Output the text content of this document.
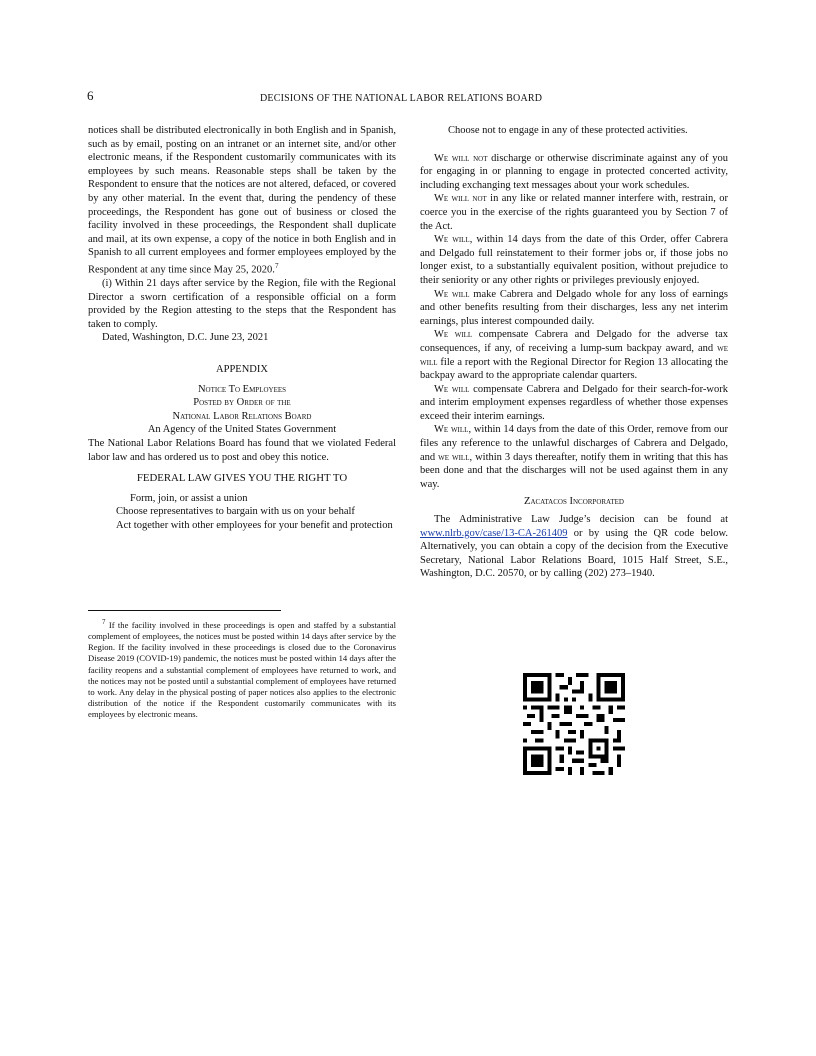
6	DECISIONS OF THE NATIONAL LABOR RELATIONS BOARD

notices shall be distributed electronically in both English and in Spanish, such as by email, posting on an intranet or an internet site, and/or other electronic means, if the Respondent customarily communicates with its employees by such means. Reasonable steps shall be taken by the Respondent to ensure that the notices are not altered, defaced, or covered by any other material. In the event that, during the pendency of these proceedings, the Respondent has gone out of business or closed the facility involved in these proceedings, the Respondent shall duplicate and mail, at its own expense, a copy of the notice in both English and in Spanish to all current employees and former employees employed by the Respondent at any time since May 25, 2020.$^7$

(i) Within 21 days after service by the Region, file with the Regional Director a sworn certification of a responsible official on a form provided by the Region attesting to the steps that the Respondent has taken to comply.

Dated, Washington, D.C. June 23, 2021

APPENDIX

Notice To Employees

Posted by Order of the

National Labor Relations Board

An Agency of the United States Government

The National Labor Relations Board has found that we violated Federal labor law and has ordered us to post and obey this notice.

FEDERAL LAW GIVES YOU THE RIGHT TO

Form, join, or assist a union

Choose representatives to bargain with us on your behalf

Act together with other employees for your benefit and protection

$^7$ If the facility involved in these proceedings is open and staffed by a substantial complement of employees, the notices must be posted within 14 days after service by the Region. If the facility involved in these proceedings is closed due to the Coronavirus Disease 2019 (COVID-19) pandemic, the notices must be posted within 14 days after the facility reopens and a substantial complement of employees have returned to work, and the notices may not be posted until a substantial complement of employees have returned to work. Any delay in the physical posting of paper notices also applies to the electronic distribution of the notice if the Respondent customarily communicates with its employees by electronic means.

Choose not to engage in any of these protected activities.

We will not discharge or otherwise discriminate against any of you for engaging in or planning to engage in protected concerted activity, including exchanging text messages about your work schedules.

We will not in any like or related manner interfere with, restrain, or coerce you in the exercise of the rights guaranteed you by Section 7 of the Act.

We will, within 14 days from the date of this Order, offer Cabrera and Delgado full reinstatement to their former jobs or, if those jobs no longer exist, to a substantially equivalent position, without prejudice to their seniority or any other rights or privileges previously enjoyed.

We will make Cabrera and Delgado whole for any loss of earnings and other benefits resulting from their discharges, less any net interim earnings, plus interest compounded daily.

We will compensate Cabrera and Delgado for the adverse tax consequences, if any, of receiving a lump-sum backpay award, and we will file a report with the Regional Director for Region 13 allocating the backpay award to the appropriate calendar quarters.

We will compensate Cabrera and Delgado for their search-for-work and interim employment expenses regardless of whether those expenses exceed their interim earnings.

We will, within 14 days from the date of this Order, remove from our files any reference to the unlawful discharges of Cabrera and Delgado, and we will, within 3 days thereafter, notify them in writing that this has been done and that the discharges will not be used against them in any way.

Zacatacos Incorporated

The Administrative Law Judge’s decision can be found at www.nlrb.gov/case/13-CA-261409 or by using the QR code below. Alternatively, you can obtain a copy of the decision from the Executive Secretary, National Labor Relations Board, 1015 Half Street, S.E., Washington, D.C. 20570, or by calling (202) 273–1940.
